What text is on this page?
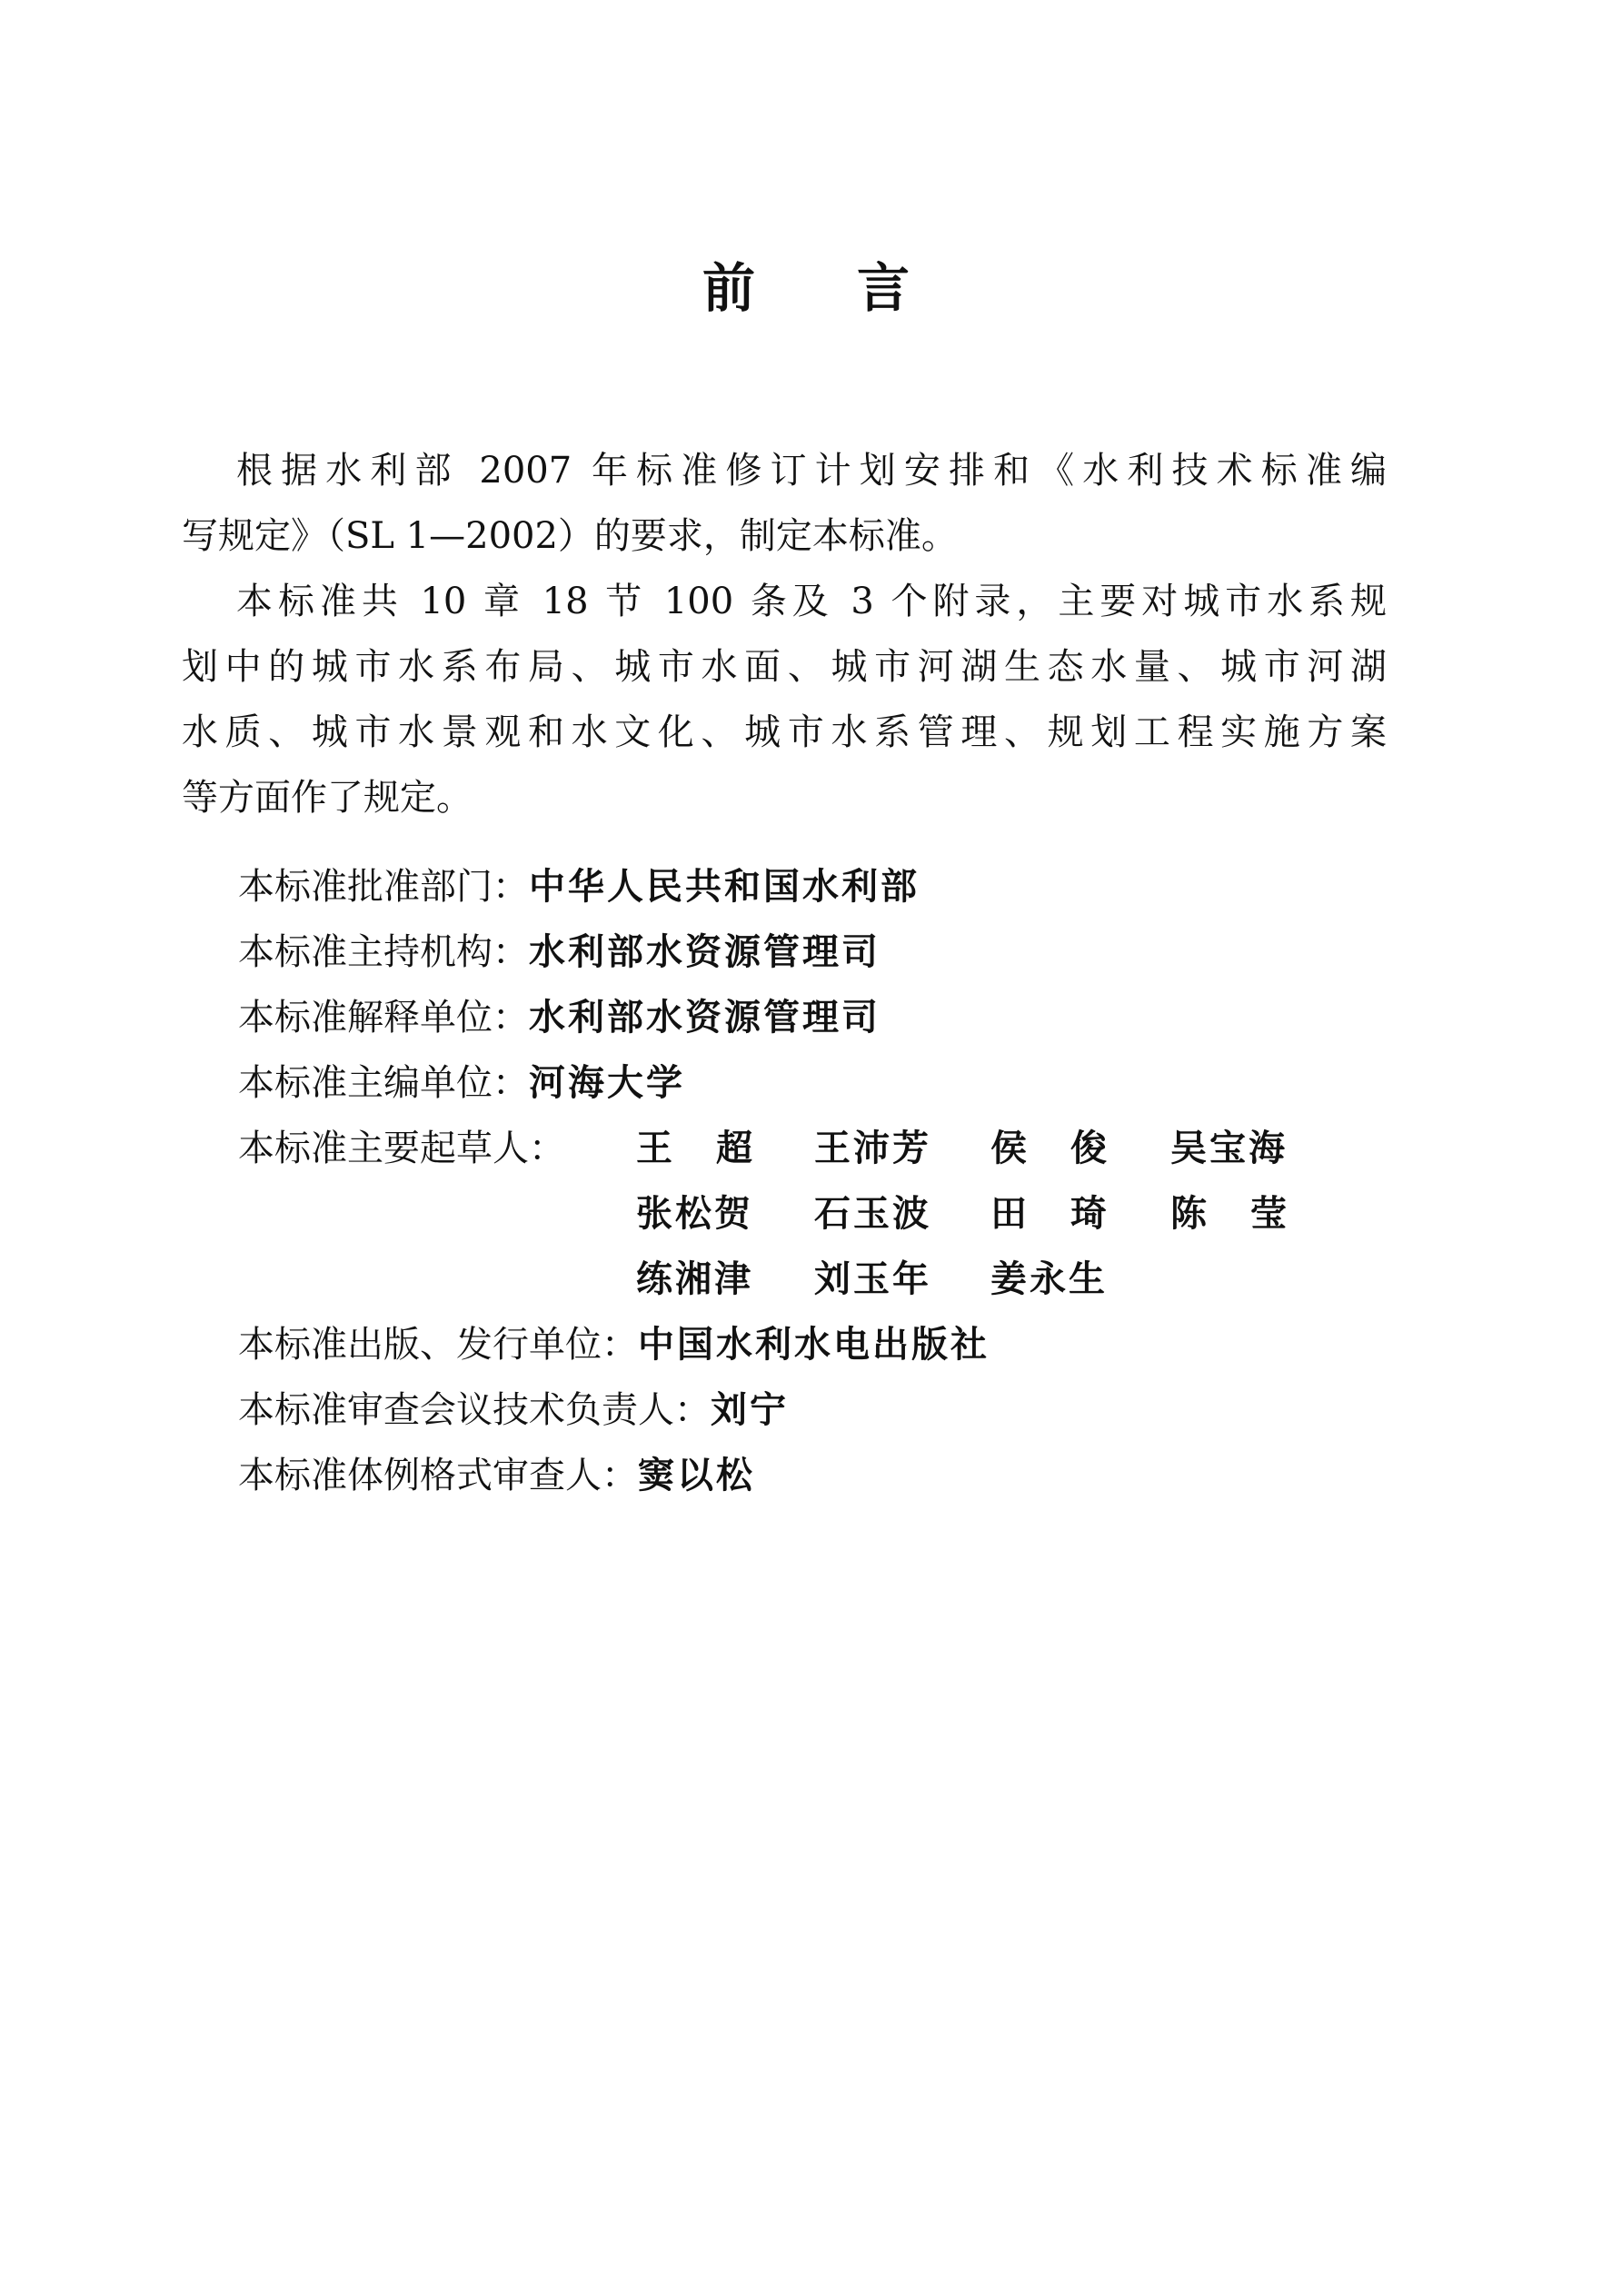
前 言
根据水利部 2007 年标准修订计划安排和《水利技术标准编
写规定》（SL 1—2002）的要求，制定本标准。
本标准共 10 章 18 节 100 条及 3 个附录，主要对城市水系规
划中的城市水系布局、城市水面、城市河湖生态水量、城市河湖
水质、城市水景观和水文化、城市水系管理、规划工程实施方案
等方面作了规定。
本标准批准部门：中华人民共和国水利部
本标准主持机构：水利部水资源管理司
本标准解释单位：水利部水资源管理司
本标准主编单位：河海大学
本标准主要起草人： 王超 王沛芳 侯俊 吴宝海
张松贺 石玉波 田琦 陈莹
练湘津 刘玉年 姜永生
本标准出版、发行单位：中国水利水电出版社
本标准审查会议技术负责人：刘宁
本标准体例格式审查人：窦以松
